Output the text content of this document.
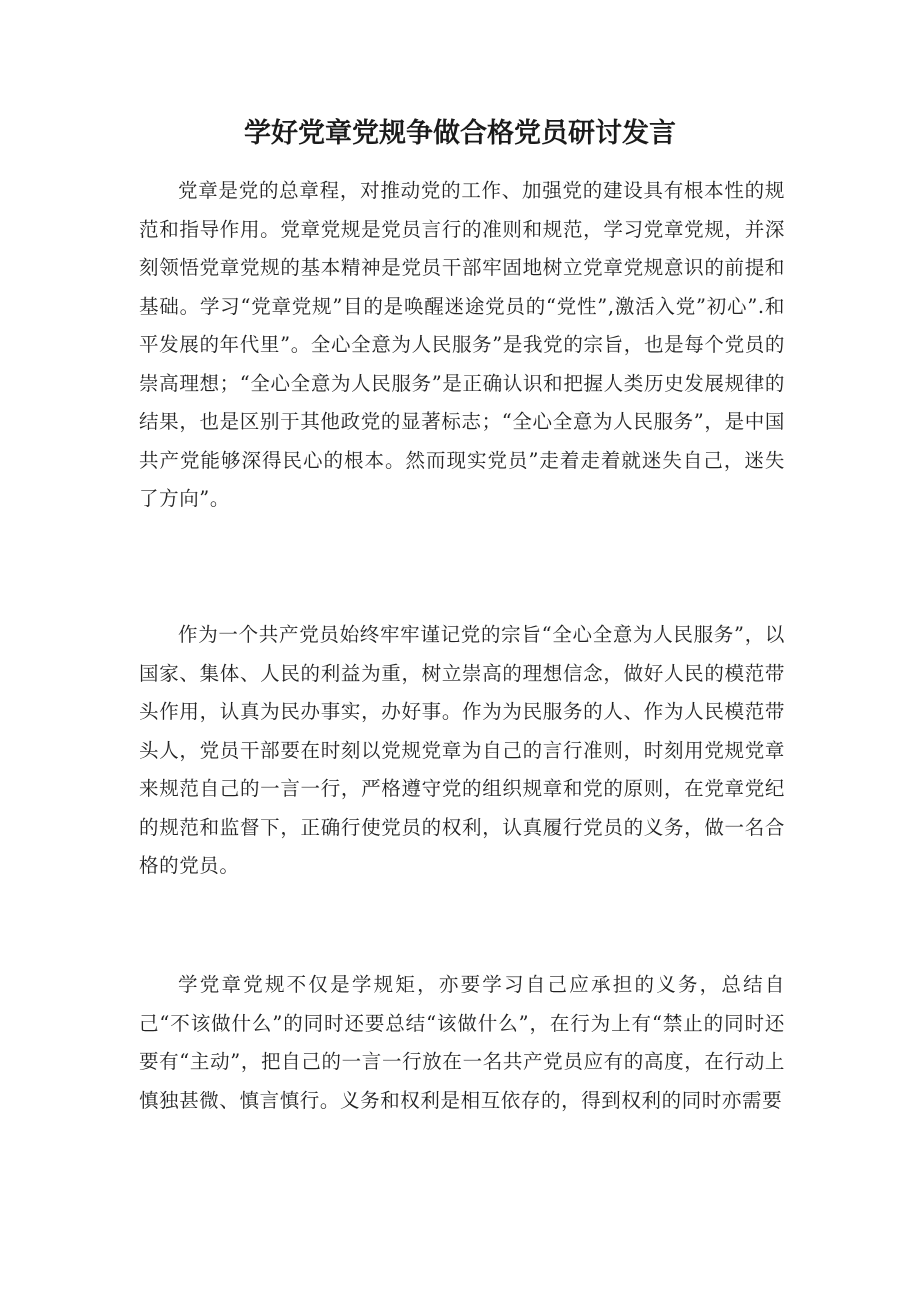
学好党章党规争做合格党员研讨发言

党章是党的总章程，对推动党的工作、加强党的建设具有根本性的规范和指导作用。党章党规是党员言行的准则和规范，学习党章党规，并深刻领悟党章党规的基本精神是党员干部牢固地树立党章党规意识的前提和基础。学习“党章党规”目的是唤醒迷途党员的“党性”,激活入党”初心”.和平发展的年代里”。全心全意为人民服务”是我党的宗旨，也是每个党员的崇高理想；“全心全意为人民服务”是正确认识和把握人类历史发展规律的结果，也是区别于其他政党的显著标志；“全心全意为人民服务”，是中国共产党能够深得民心的根本。然而现实党员”走着走着就迷失自己，迷失了方向”。

作为一个共产党员始终牢牢谨记党的宗旨“全心全意为人民服务”，以国家、集体、人民的利益为重，树立崇高的理想信念，做好人民的模范带头作用，认真为民办事实，办好事。作为为民服务的人、作为人民模范带头人，党员干部要在时刻以党规党章为自己的言行准则，时刻用党规党章来规范自己的一言一行，严格遵守党的组织规章和党的原则，在党章党纪的规范和监督下，正确行使党员的权利，认真履行党员的义务，做一名合格的党员。

学党章党规不仅是学规矩，亦要学习自己应承担的义务，总结自己“不该做什么”的同时还要总结“该做什么”，在行为上有“禁止的同时还要有“主动”，把自己的一言一行放在一名共产党员应有的高度，在行动上慎独甚微、慎言慎行。义务和权利是相互依存的，得到权利的同时亦需要
